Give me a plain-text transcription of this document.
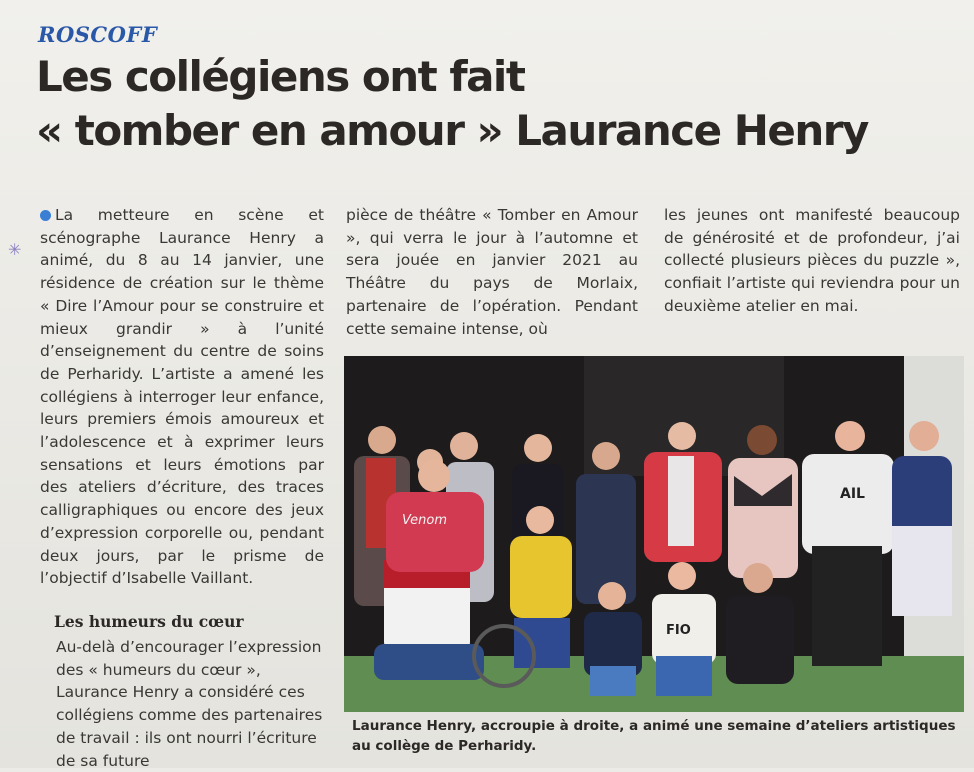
ROSCOFF
Les collégiens ont fait
« tomber en amour » Laurance Henry
✳

La metteure en scène et scénographe Laurance Henry a animé, du 8 au 14 janvier, une résidence de création sur le thème « Dire l’Amour pour se construire et mieux grandir » à l’unité d’enseignement du centre de soins de Perharidy. L’artiste a amené les collégiens à interroger leur enfance, leurs premiers émois amoureux et l’adolescence et à exprimer leurs sensations et leurs émotions par des ateliers d’écriture, des traces calligraphiques ou encore des jeux d’expression corporelle ou, pendant deux jours, par le prisme de l’objectif d’Isabelle Vaillant.

pièce de théâtre « Tomber en Amour », qui verra le jour à l’automne et sera jouée en janvier 2021 au Théâtre du pays de Morlaix, partenaire de l’opération. Pendant cette semaine intense, où

les jeunes ont manifesté beaucoup de générosité et de profondeur, j’ai collecté plusieurs pièces du puzzle », confiait l’artiste qui reviendra pour un deuxième atelier en mai.

Les humeurs du cœur

Au-delà d’encourager l’expression des « humeurs du cœur », Laurance Henry a considéré ces collégiens comme des partenaires de travail : ils ont nourri l’écriture de sa future

AIL
Venom
FIO

Laurance Henry, accroupie à droite, a animé une semaine d’ateliers artistiques au collège de Perharidy.
